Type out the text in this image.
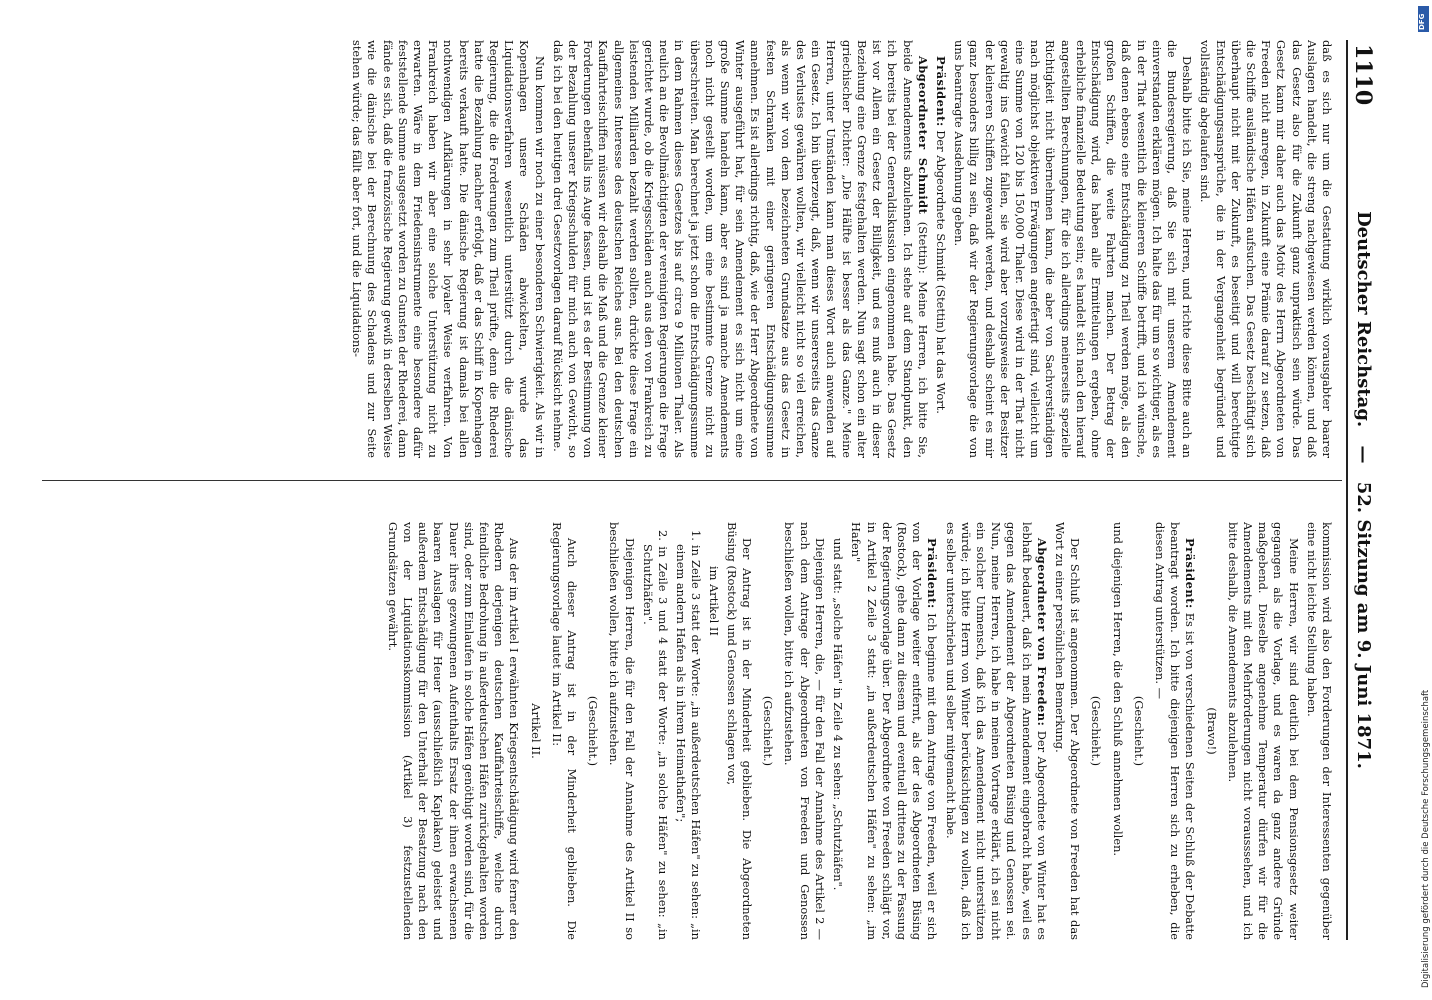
1110
Deutscher Reichstag. — 52. Sitzung am 9. Juni 1871.
daß es sich nur um die Gestattung wirklich vorausgabter baarer Auslagen handelt, die streng nachgewiesen werden können, und daß das Gesetz also für die Zukunft ganz unpraktisch sein würde. Das Gesetz kann mir daher auch das Motiv des Herrn Abgeordneten von Freeden nicht anregen, in Zukunft eine Prämie darauf zu setzen, daß die Schiffe ausländische Häfen aufsuchen. Das Gesetz beschäftigt sich überhaupt nicht mit der Zukunft, es beseitigt und will berechtigte Entschädigungsansprüche, die in der Vergangenheit begründet und vollständig abgelaufen sind.
Deshalb bitte ich Sie, meine Herren, und richte diese Bitte auch an die Bundesregierung, daß Sie sich mit unserem Amendement einverstanden erklären mögen. Ich halte das für um so wichtiger, als es in der That wesentlich die kleineren Schiffe betrifft, und ich wünsche, daß denen ebenso eine Entschädigung zu Theil werden möge, als den großen Schiffen, die weite Fahrten machen. Der Betrag der Entschädigung wird, das haben alle Ermittelungen ergeben, ohne erhebliche finanzielle Bedeutung sein; es handelt sich nach den hierauf angestellten Berechnungen, für die ich allerdings meinerseits spezielle Richtigkeit nicht übernehmen kann, die aber von Sachverständigen nach möglichst objektiven Erwägungen angefertigt sind, vielleicht um eine Summe von 120 bis 150,000 Thaler. Diese wird in der That nicht gewaltig ins Gewicht fallen, sie wird aber vorzugsweise der Besitzer der kleineren Schiffen zugewandt werden, und deshalb scheint es mir ganz besonders billig zu sein, daß wir der Regierungsvorlage die von uns beantragte Ausdehnung geben.
Präsident: Der Abgeordnete Schmidt (Stettin) hat das Wort.
Abgeordneter Schmidt (Stettin): Meine Herren, ich bitte Sie, beide Amendements abzulehnen. Ich stehe auf dem Standpunkt, den ich bereits bei der Generaldiskussion eingenommen habe. Das Gesetz ist vor Allem ein Gesetz der Billigkeit, und es muß auch in dieser Beziehung eine Grenze festgehalten werden. Nun sagt schon ein alter griechischer Dichter: „Die Hälfte ist besser als das Ganze." Meine Herren, unter Umständen kann man dieses Wort auch anwenden auf ein Gesetz. Ich bin überzeugt, daß, wenn wir unsererseits das Ganze des Verlustes gewähren wollten, wir vielleicht nicht so viel erreichen, als wenn wir von dem bezeichneten Grundsatze aus das Gesetz in festen Schranken mit einer geringeren Entschädigungssumme annehmen. Es ist allerdings richtig, daß, wie der Herr Abgeordnete von Winter ausgeführt hat, für sein Amendement es sich nicht um eine große Summe handeln kann, aber es sind ja manche Amendements noch nicht gestellt worden, um eine bestimmte Grenze nicht zu überschreiten. Man berechnet ja jetzt schon die Entschädigungssumme in dem Rahmen dieses Gesetzes bis auf circa 9 Millionen Thaler. Als neulich an die Bevollmächtigten der vereinigten Regierungen die Frage gerichtet wurde, ob die Kriegsschäden auch aus den von Frankreich zu leistenden Milliarden bezahlt werden sollten, drückte diese Frage ein allgemeines Interesse des deutschen Reiches aus. Bei den deutschen Kauffahrteischiffen müssen wir deshalb die Maß und die Grenze kleiner Forderungen ebenfalls ins Auge fassen, und ist es der Bestimmung von der Bezahlung unserer Kriegsschulden für mich auch von Gewicht, so daß ich bei den heutigen drei Gesetzvorlagen darauf Rücksicht nehme.
Nun kommen wir noch zu einer besonderen Schwierigkeit. Als wir in Kopenhagen unsere Schäden abwickelten, wurde das Liquidationsverfahren wesentlich unterstützt durch die dänische Regierung, die die Forderungen zum Theil prüfte, denn die Rhederei hatte die Bezahlung nachher erfolgt, daß er das Schiff in Kopenhagen bereits verkauft hatte. Die dänische Regierung ist damals bei allen nothwendigen Aufklärungen in sehr loyaler Weise verfahren. Von Frankreich haben wir aber eine solche Unterstützung nicht zu erwarten. Wäre in dem Friedensinstrumente eine besondere dafür feststellende Summe ausgesetzt worden zu Gunsten der Rhederei, dann fände es sich, daß die französische Regierung gewiß in derselben Weise wie die dänische bei der Berechnung des Schadens und zur Seite stehen würde; das fällt aber fort, und die Liquidations-
kommission wird also den Forderungen der Interessenten gegenüber eine nicht leichte Stellung haben.
Meine Herren, wir sind deutlich bei dem Pensionsgesetz weiter gegangen als die Vorlage, und es waren da ganz andere Gründe maßgebend. Dieselbe angenehme Temperatur dürfen wir für die Amendements mit den Mehrforderungen nicht vorausssehen, und ich bitte deshalb, die Amendements abzulehnen.
(Bravo!)
Präsident: Es ist von verschiedenen Seiten der Schluß der Debatte beantragt worden. Ich bitte diejenigen Herren sich zu erheben, die diesen Antrag unterstützen. —
(Geschieht.)
und diejenigen Herren, die den Schluß annehmen wollen.
(Geschieht.)
Der Schluß ist angenommen. Der Abgeordnete von Freeden hat das Wort zu einer persönlichen Bemerkung.
Abgeordneter von Freeden: Der Abgeordnete von Winter hat es lebhaft bedauert, daß ich mein Amendement eingebracht habe, weil es gegen das Amendement der Abgeordneten Büsing und Genossen sei. Nun, meine Herren, ich habe in meinen Vortrage erklärt, ich sei nicht ein solcher Unmensch, daß ich das Amendement nicht unterstützen würde; ich bitte Herrn von Winter berücksichtigen zu wollen, daß ich es selber unterschrieben und selber mitgemacht habe.
Präsident: Ich beginne mit dem Antrage von Freeden, weil er sich von der Vorlage weiter entfernt, als der des Abgeordneten Büsing (Rostock), gehe dann zu diesem und eventuell drittens zu der Fassung der Regierungsvorlage über. Der Abgeordnete von Freeden schlägt vor, in Artikel 2 Zeile 3 statt: „in außerdeutschen Häfen" zu sehen: „im Hafen"
und statt: „solche Häfen" in Zeile 4 zu sehen: „Schutzhäfen".
Diejenigen Herren, die, — für den Fall der Annahme des Artikel 2 — nach dem Antrage der Abgeordneten von Freeden und Genossen beschließen wollen, bitte ich aufzustehen.
(Geschieht.)
Der Antrag ist in der Minderheit geblieben. Die Abgeordneten Büsing (Rostock) und Genossen schlagen vor,
im Artikel II
1. in Zeile 3 statt der Worte: „in außerdeutschen Häfen" zu sehen: „in einem andern Hafen als in ihrem Heimathafen";
2. in Zeile 3 und 4 statt der Worte: „in solche Häfen" zu sehen: „in Schutzhäfen".
Diejenigen Herren, die für den Fall der Annahme des Artikel II so beschließen wollen, bitte ich aufzustehen.
(Geschieht.)
Auch dieser Antrag ist in der Minderheit geblieben. Die Regierungsvorlage lautet im Artikel II:
Artikel II.
Aus der im Artikel I erwähnten Kriegsentschädigung wird ferner den Rhedern derjenigen deutschen Kauffahrteischiffe, welche durch feindliche Bedrohung in außerdeutschen Häfen zurückgehalten worden sind, oder zum Einlaufen in solche Häfen genöthigt worden sind, für die Dauer ihres gezwungenen Aufenthalts Ersatz der ihnen erwachsenen baaren Auslagen für Heuer (ausschließlich Kaplaken) geleistet und außerdem Entschädigung für den Unterhalt der Besatzung nach den von der Liquidationskommission (Artikel 3) festzustellenden Grundsätzen gewährt.
DFG
Digitalisierung gefördert durch die Deutsche Forschungsgemeinschaft
